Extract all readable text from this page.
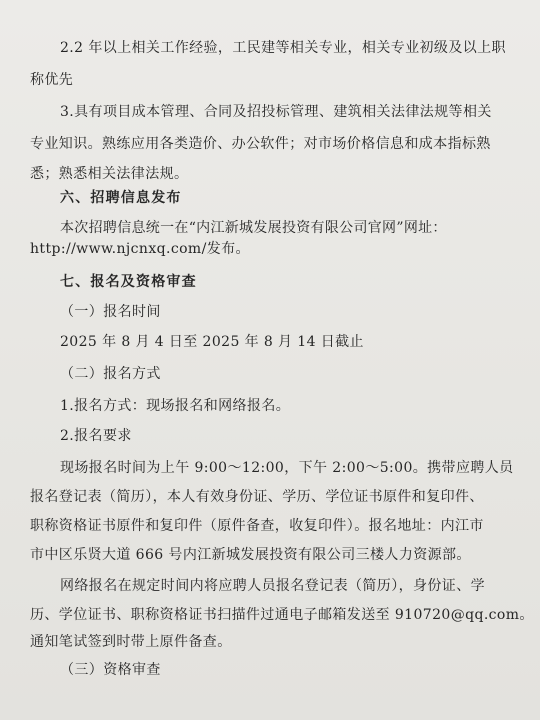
2.2 年以上相关工作经验，工民建等相关专业，相关专业初级及以上职
称优先
3.具有项目成本管理、合同及招投标管理、建筑相关法律法规等相关
专业知识。熟练应用各类造价、办公软件；对市场价格信息和成本指标熟
悉；熟悉相关法律法规。
六、招聘信息发布
本次招聘信息统一在“内江新城发展投资有限公司官网”网址：
http://www.njcnxq.com/发布。
七、报名及资格审查
（一）报名时间
2025 年 8 月 4 日至 2025 年 8 月 14 日截止
（二）报名方式
1.报名方式：现场报名和网络报名。
2.报名要求
现场报名时间为上午 9:00～12:00，下午 2:00～5:00。携带应聘人员
报名登记表（简历），本人有效身份证、学历、学位证书原件和复印件、
职称资格证书原件和复印件（原件备查，收复印件）。报名地址：内江市
市中区乐贤大道 666 号内江新城发展投资有限公司三楼人力资源部。
网络报名在规定时间内将应聘人员报名登记表（简历），身份证、学
历、学位证书、职称资格证书扫描件过通电子邮箱发送至 910720@qq.com。
通知笔试签到时带上原件备查。
（三）资格审查
